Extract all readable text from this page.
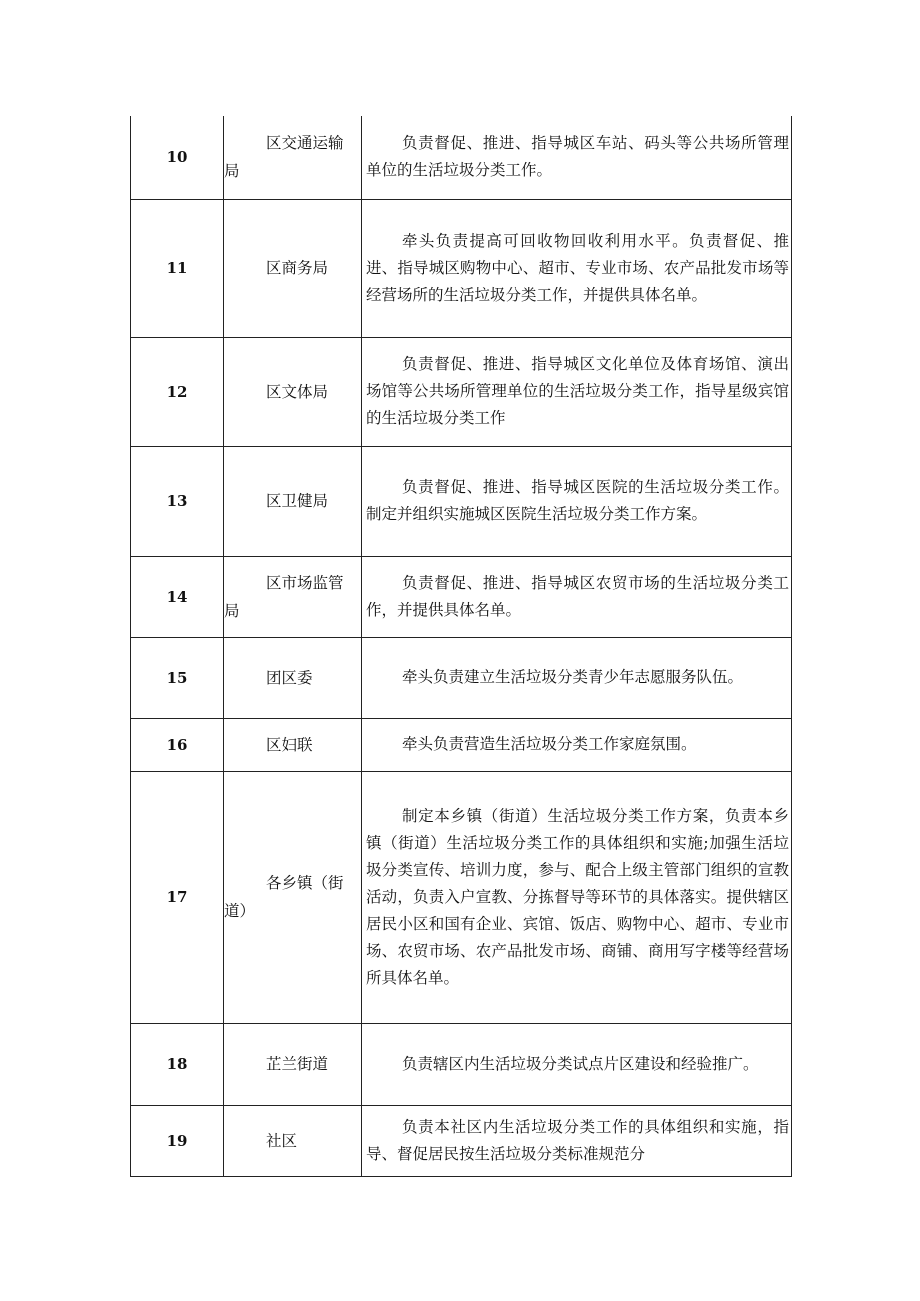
10	区交通运输局	负责督促、推进、指导城区车站、码头等公共场所管理单位的生活垃圾分类工作。

11	区商务局	牵头负责提高可回收物回收利用水平。负责督促、推进、指导城区购物中心、超市、专业市场、农产品批发市场等经营场所的生活垃圾分类工作，并提供具体名单。

12	区文体局	负责督促、推进、指导城区文化单位及体育场馆、演出场馆等公共场所管理单位的生活垃圾分类工作，指导星级宾馆的生活垃圾分类工作

13	区卫健局	负责督促、推进、指导城区医院的生活垃圾分类工作。制定并组织实施城区医院生活垃圾分类工作方案。

14	区市场监管局	负责督促、推进、指导城区农贸市场的生活垃圾分类工作，并提供具体名单。

15	团区委	牵头负责建立生活垃圾分类青少年志愿服务队伍。

16	区妇联	牵头负责营造生活垃圾分类工作家庭氛围。

17	各乡镇（街道）	制定本乡镇（街道）生活垃圾分类工作方案，负责本乡镇（街道）生活垃圾分类工作的具体组织和实施;加强生活垃圾分类宣传、培训力度，参与、配合上级主管部门组织的宣教活动，负责入户宣教、分拣督导等环节的具体落实。提供辖区居民小区和国有企业、宾馆、饭店、购物中心、超市、专业市场、农贸市场、农产品批发市场、商铺、商用写字楼等经营场所具体名单。

18	芷兰街道	负责辖区内生活垃圾分类试点片区建设和经验推广。

19	社区	负责本社区内生活垃圾分类工作的具体组织和实施，指导、督促居民按生活垃圾分类标准规范分
